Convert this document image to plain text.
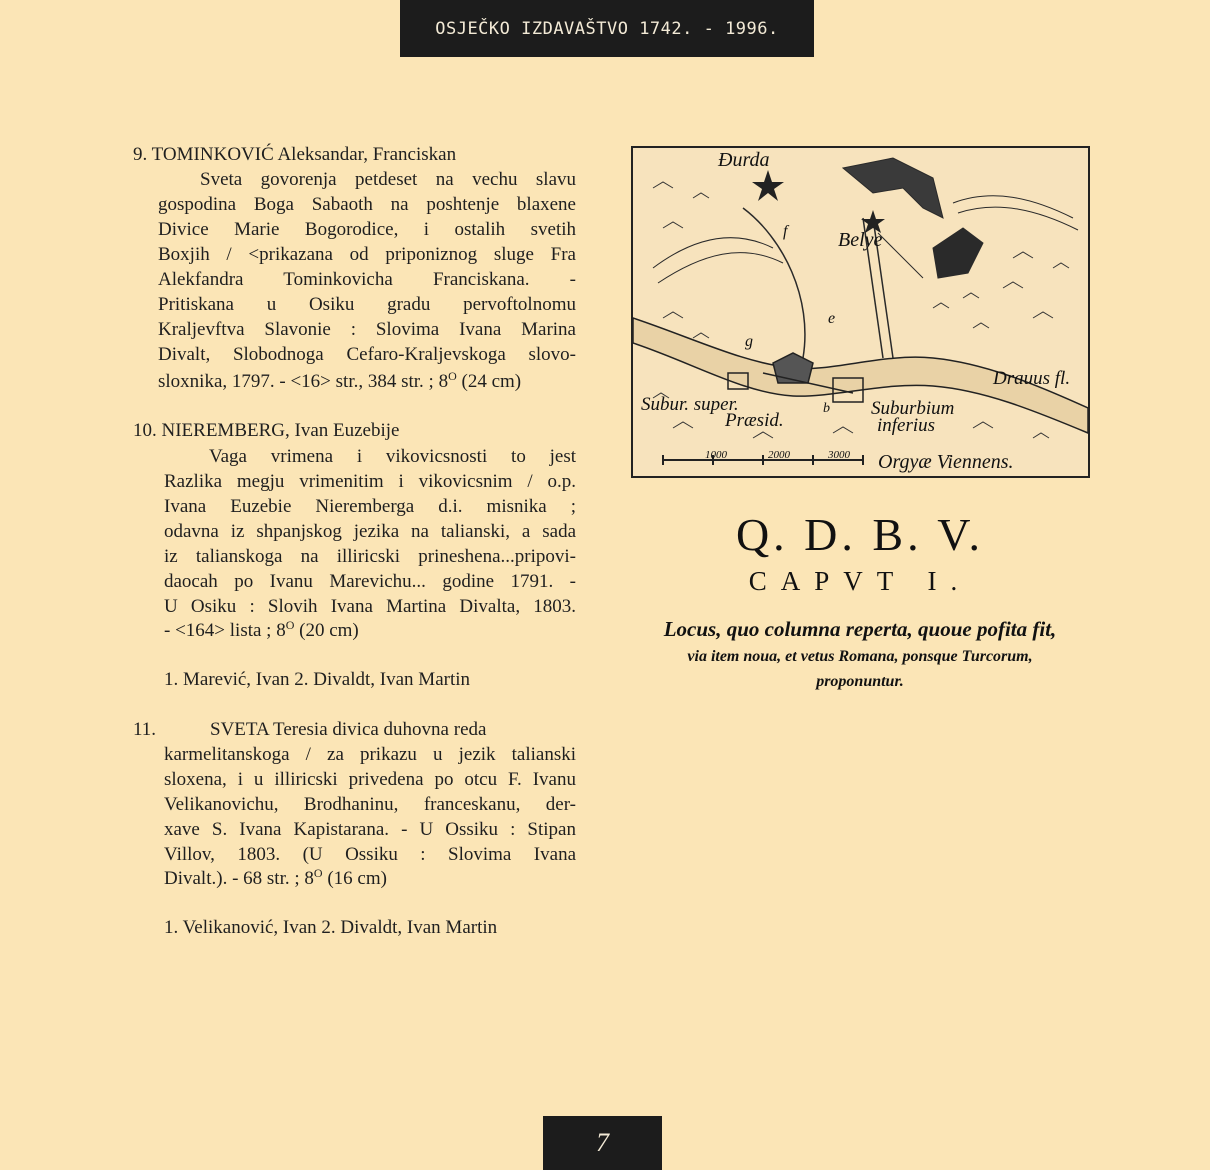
OSJEČKO IZDAVAŠTVO 1742. - 1996.
9. TOMINKOVIĆ Aleksandar, Franciskan
Sveta govorenja petdeset na vechu slavu
gospodina Boga Sabaoth na poshtenje blaxene
Divice Marie Bogorodice, i ostalih svetih
Boxjih / <prikazana od priponiznog sluge Fra
Alekfandra Tominkovicha Franciskana. -
Pritiskana u Osiku gradu pervoftolnomu
Kraljevftva Slavonie : Slovima Ivana Marina
Divalt, Slobodnoga Cefaro-Kraljevskoga slovo-
sloxnika, 1797. - <16> str., 384 str. ; $8^O$ (24 cm)
10. NIEREMBERG, Ivan Euzebije
Vaga vrimena i vikovicsnosti to jest
Razlika megju vrimenitim i vikovicsnim / o.p.
Ivana Euzebie Nieremberga d.i. misnika ;
odavna iz shpanjskog jezika na talianski, a sada
iz talianskoga na illiricski prineshena...pripovi-
daocah po Ivanu Marevichu... godine 1791. -
U Osiku : Slovih Ivana Martina Divalta, 1803.
- <164> lista ; $8^O$ (20 cm)
1. Marević, Ivan 2. Divaldt, Ivan Martin
11.	SVETA Teresia divica duhovna reda
karmelitanskoga / za prikazu u jezik talianski
sloxena, i u illiricski privedena po otcu F. Ivanu
Velikanovichu, Brodhaninu, franceskanu, der-
xave S. Ivana Kapistarana. - U Ossiku : Stipan
Villov, 1803. (U Ossiku : Slovima Ivana
Divalt.). - 68 str. ; $8^O$ (16 cm)
1. Velikanović, Ivan 2. Divaldt, Ivan Martin
Đurda
Belye
f
e
g
b
Drauus fl.
Subur. super.
Præsid.
Suburbium
inferius
1000	2000	3000 Orgyæ Viennens.
Q. D. B. V.
CAPVT I.
Locus, quo columna reperta, quoue pofita fit,
via item noua, et vetus Romana, ponsque Turcorum,
proponuntur.
7
